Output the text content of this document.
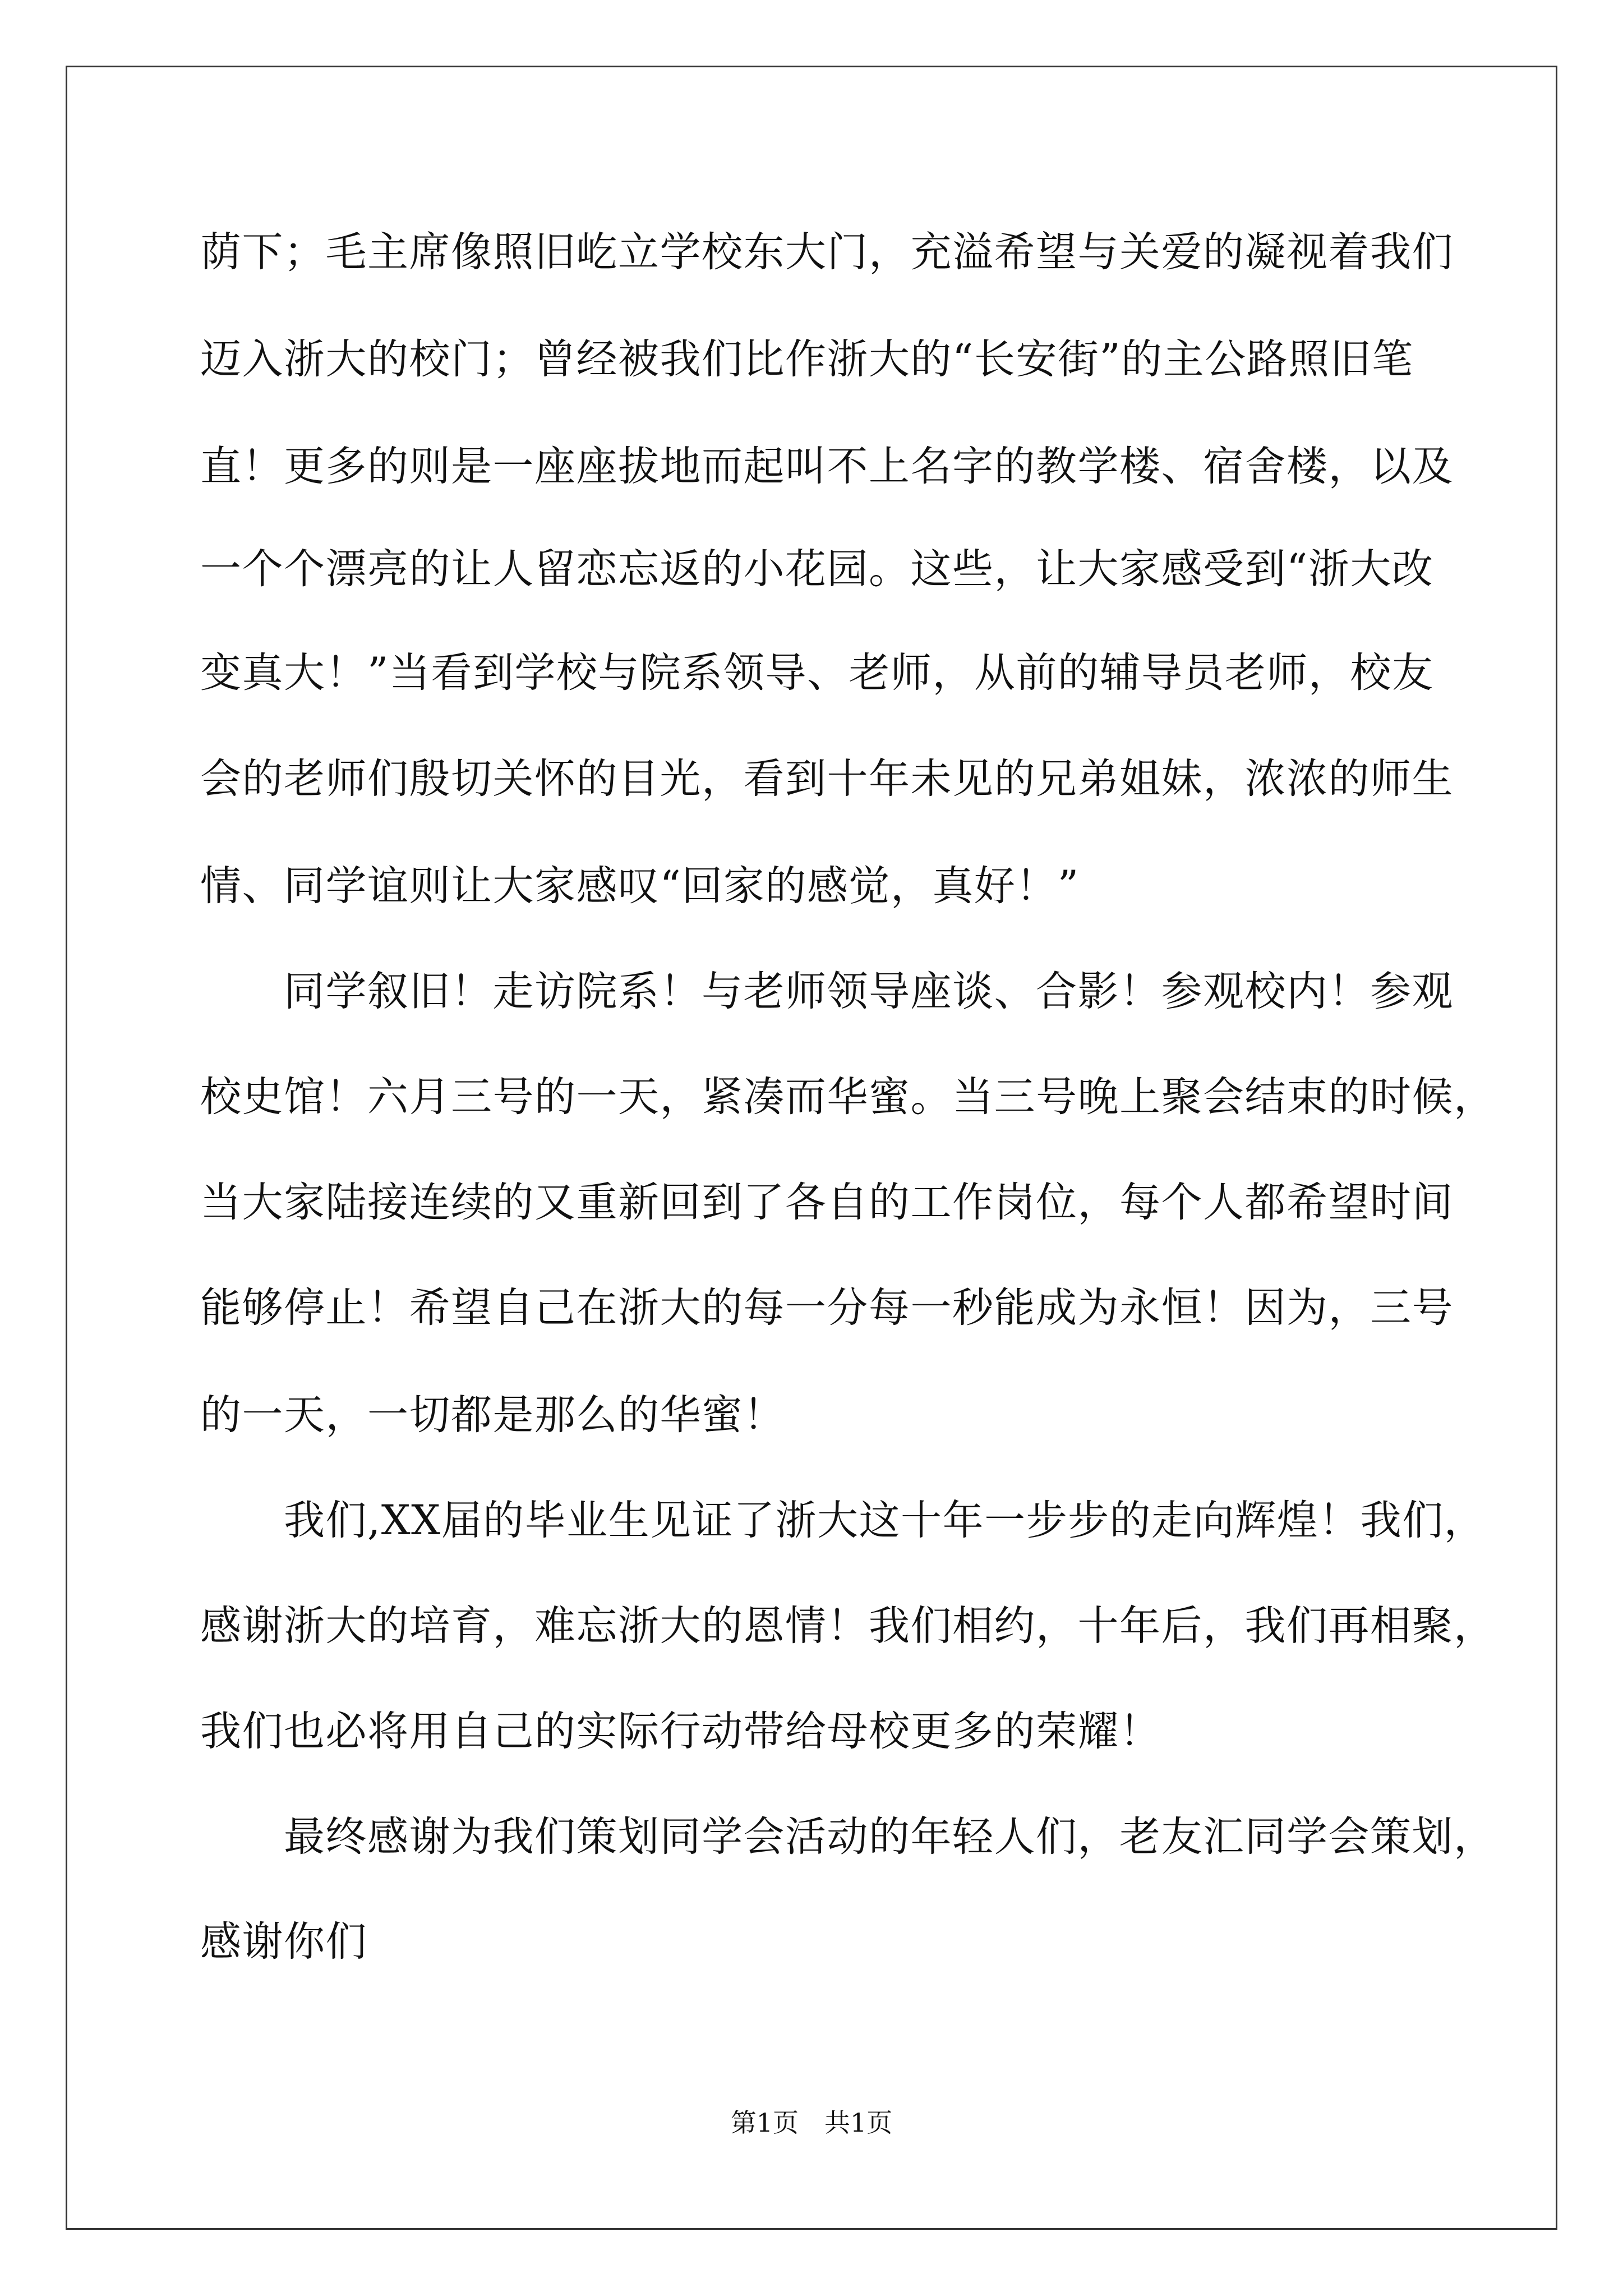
荫下；毛主席像照旧屹立学校东大门，充溢希望与关爱的凝视着我们
迈入浙大的校门；曾经被我们比作浙大的“长安街”的主公路照旧笔
直！更多的则是一座座拔地而起叫不上名字的教学楼、宿舍楼，以及
一个个漂亮的让人留恋忘返的小花园。这些，让大家感受到“浙大改
变真大！”当看到学校与院系领导、老师，从前的辅导员老师，校友
会的老师们殷切关怀的目光，看到十年未见的兄弟姐妹，浓浓的师生
情、同学谊则让大家感叹“回家的感觉，真好！”
　　同学叙旧！走访院系！与老师领导座谈、合影！参观校内！参观
校史馆！六月三号的一天，紧凑而华蜜。当三号晚上聚会结束的时候，
当大家陆接连续的又重新回到了各自的工作岗位，每个人都希望时间
能够停止！希望自己在浙大的每一分每一秒能成为永恒！因为，三号
的一天，一切都是那么的华蜜！
　　我们,XX届的毕业生见证了浙大这十年一步步的走向辉煌！我们，
感谢浙大的培育，难忘浙大的恩情！我们相约，十年后，我们再相聚，
我们也必将用自己的实际行动带给母校更多的荣耀！
　　最终感谢为我们策划同学会活动的年轻人们，老友汇同学会策划，
感谢你们
第1页　共1页
